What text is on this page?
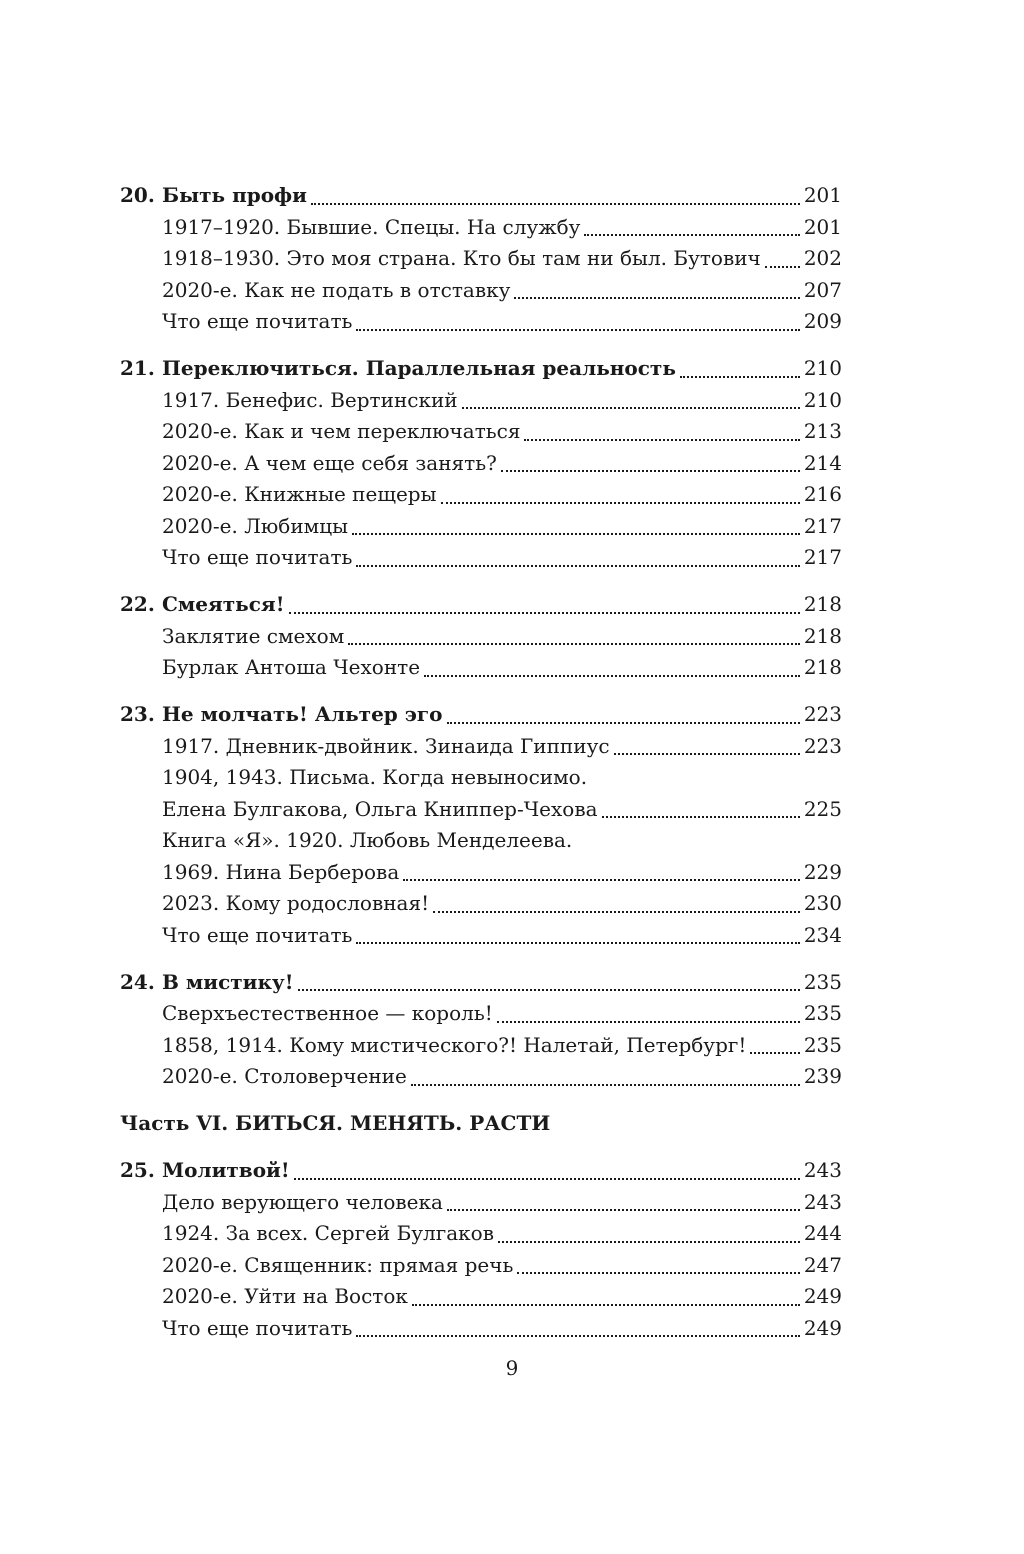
20. Быть профи	201
1917–1920. Бывшие. Спецы. На службу	201
1918–1930. Это моя страна. Кто бы там ни был. Бутович 202
2020-е. Как не подать в отставку	207
Что еще почитать	209
21. Переключиться. Параллельная реальность	210
1917. Бенефис. Вертинский	210
2020-е. Как и чем переключаться	213
2020-е. А чем еще себя занять?	214
2020-е. Книжные пещеры	216
2020-е. Любимцы	217
Что еще почитать	217
22. Смеяться!	218
Заклятие смехом	218
Бурлак Антоша Чехонте	218
23. Не молчать! Альтер эго	223
1917. Дневник-двойник. Зинаида Гиппиус	223
1904, 1943. Письма. Когда невыносимо.
Елена Булгакова, Ольга Книппер-Чехова	225
Книга «Я». 1920. Любовь Менделеева.
1969. Нина Берберова	229
2023. Кому родословная!	230
Что еще почитать	234
24. В мистику!	235
Сверхъестественное — король!	235
1858, 1914. Кому мистического?! Налетай, Петербург!	235
2020-е. Столоверчение	239
Часть VI. БИТЬСЯ. МЕНЯТЬ. РАСТИ
25. Молитвой!	243
Дело верующего человека	243
1924. За всех. Сергей Булгаков	244
2020-е. Священник: прямая речь	247
2020-е. Уйти на Восток	249
Что еще почитать	249
9
